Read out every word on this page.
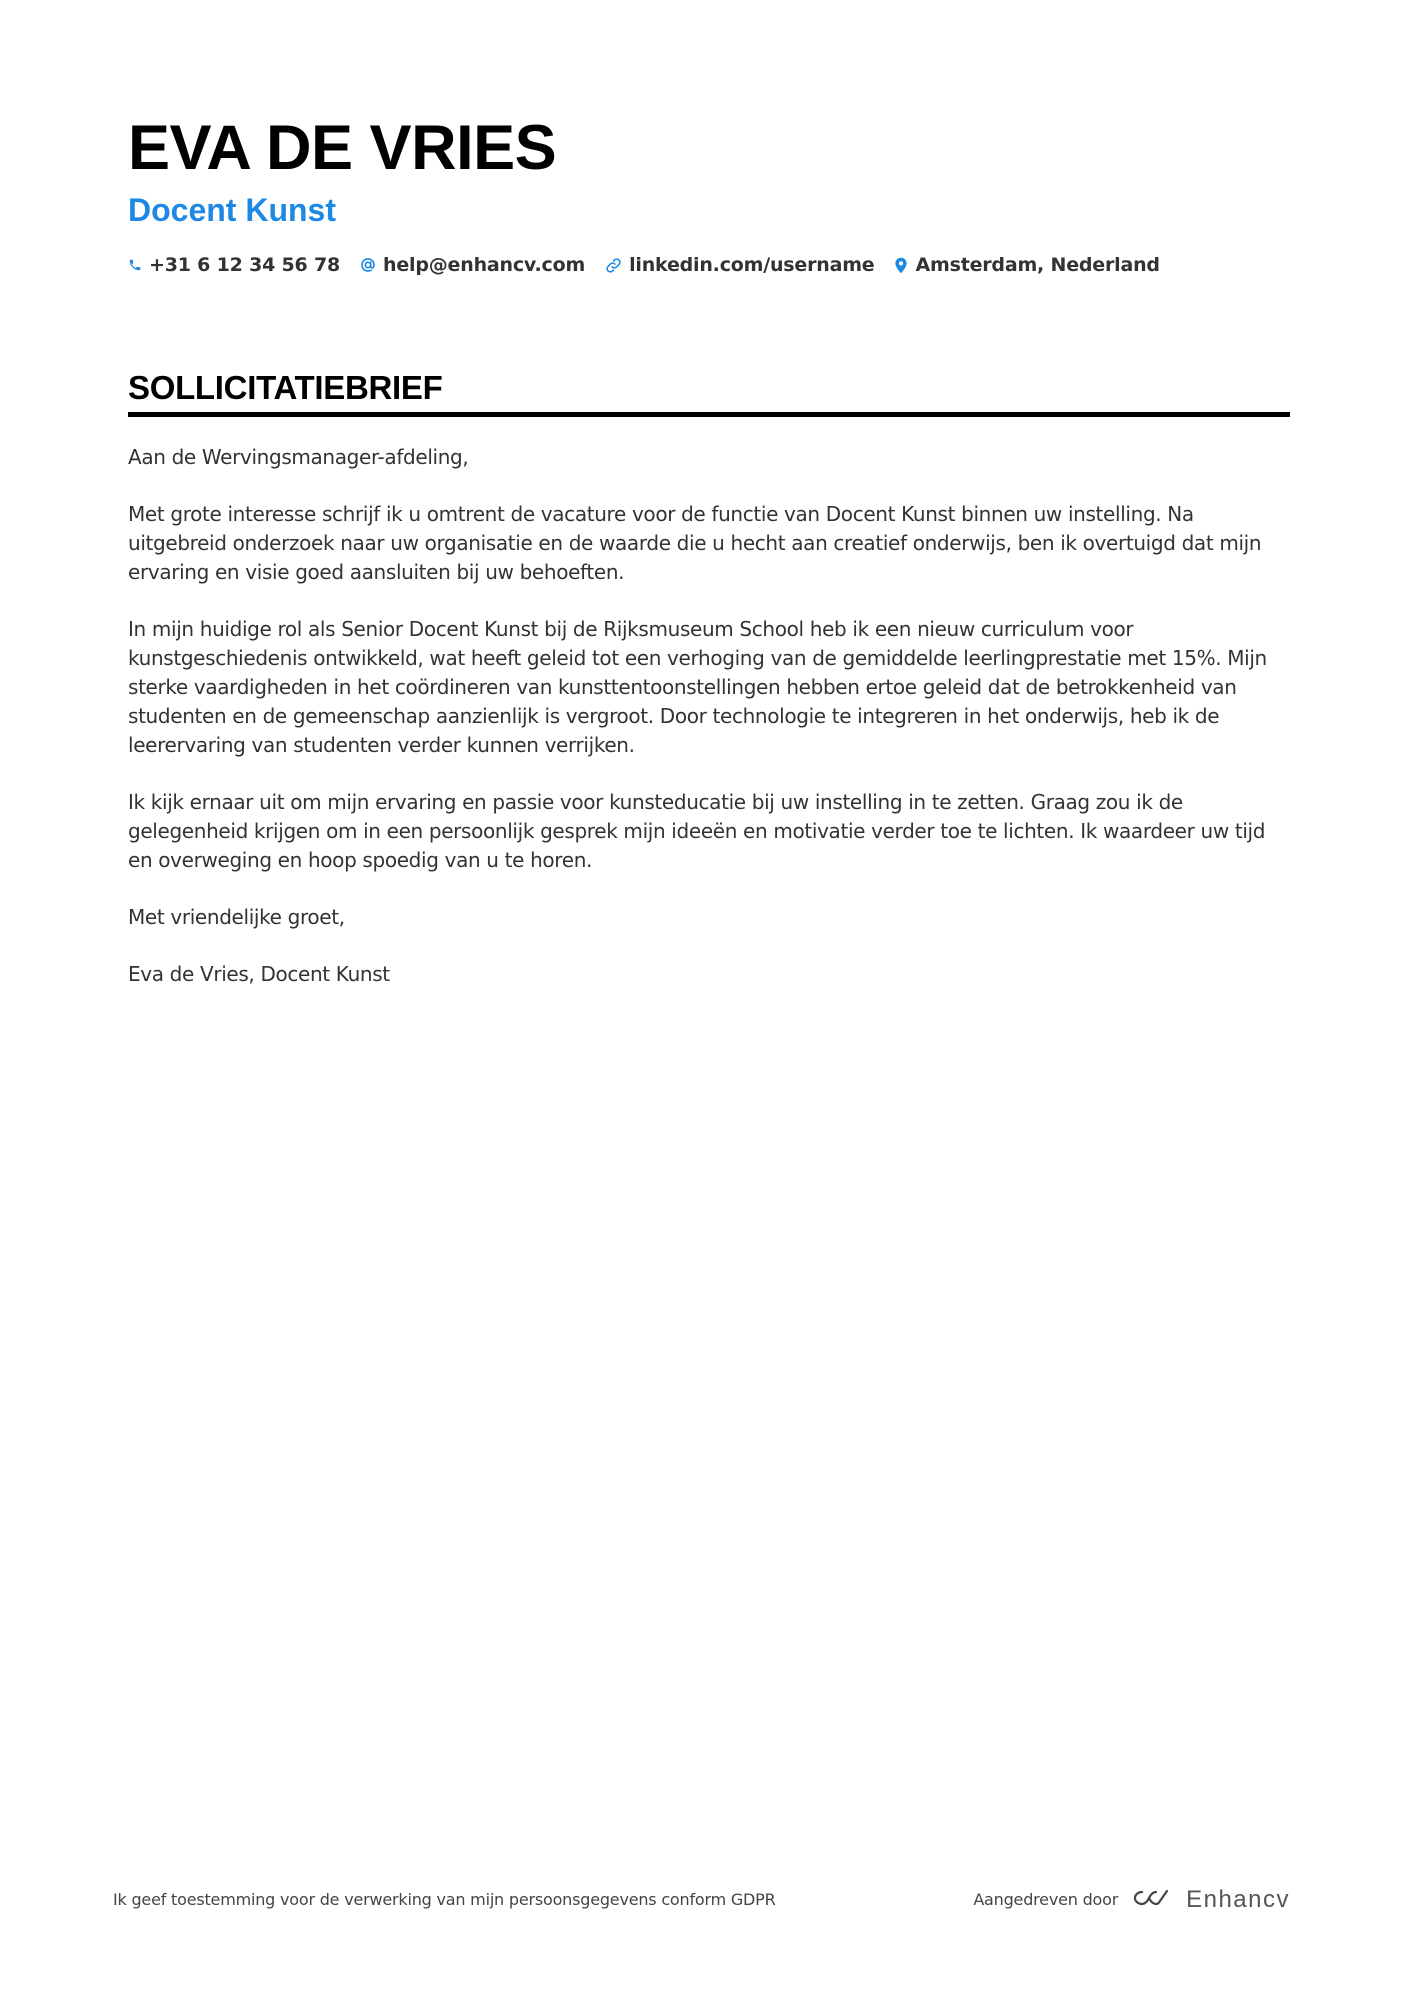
EVA DE VRIES
Docent Kunst
+31 6 12 34 56 78 help@enhancv.com linkedin.com/username Amsterdam, Nederland
SOLLICITATIEBRIEF

Aan de Wervingsmanager-afdeling,

Met grote interesse schrijf ik u omtrent de vacature voor de functie van Docent Kunst binnen uw instelling. Na uitgebreid onderzoek naar uw organisatie en de waarde die u hecht aan creatief onderwijs, ben ik overtuigd dat mijn ervaring en visie goed aansluiten bij uw behoeften.

In mijn huidige rol als Senior Docent Kunst bij de Rijksmuseum School heb ik een nieuw curriculum voor kunstgeschiedenis ontwikkeld, wat heeft geleid tot een verhoging van de gemiddelde leerlingprestatie met 15%. Mijn sterke vaardigheden in het coördineren van kunsttentoonstellingen hebben ertoe geleid dat de betrokkenheid van studenten en de gemeenschap aanzienlijk is vergroot. Door technologie te integreren in het onderwijs, heb ik de leerervaring van studenten verder kunnen verrijken.

Ik kijk ernaar uit om mijn ervaring en passie voor kunsteducatie bij uw instelling in te zetten. Graag zou ik de gelegenheid krijgen om in een persoonlijk gesprek mijn ideeën en motivatie verder toe te lichten. Ik waardeer uw tijd en overweging en hoop spoedig van u te horen.

Met vriendelijke groet,

Eva de Vries, Docent Kunst

Ik geef toestemming voor de verwerking van mijn persoonsgegevens conform GDPR	Aangedreven door	Enhancv
